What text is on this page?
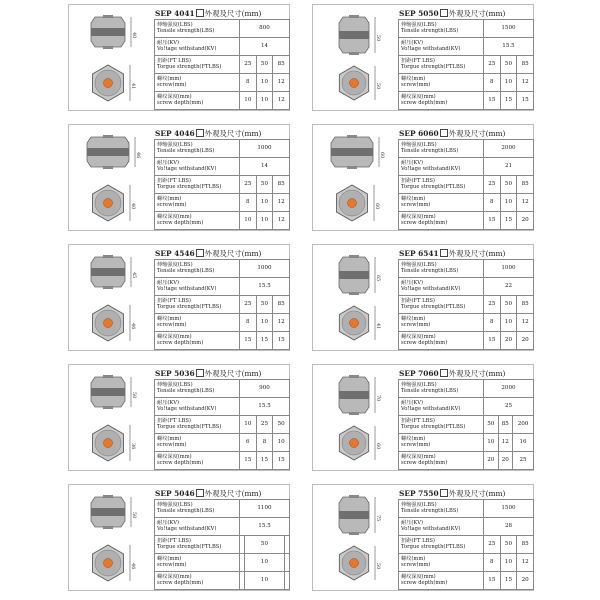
40
41
SEP 4041 外观及尺寸(mm)
伸缩强度(LBS)
Tensile strength(LBS)	800		
耐压(KV)
Vo!tage withstand(KV)	14		
扭距(FT LBS)
Torgue strength(FTLBS)	25	50	85
螺纹(mm)
screw(mm)	8	10	12
螺纹深度(mm)
screw depth(mm)	10	10	12
50
50
SEP 5050 外观及尺寸(mm)
伸缩强度(LBS)
Tensile strength(LBS)	1500		
耐压(KV)
Vo!tage withstand(KV)	15.5		
扭距(FT LBS)
Torgue strength(FTLBS)	25	50	85
螺纹(mm)
screw(mm)	8	10	12
螺纹深度(mm)
screw depth(mm)	15	15	15
46
40
SEP 4046 外观及尺寸(mm)
伸缩强度(LBS)
Tensile strength(LBS)	1000		
耐压(KV)
Vo!tage withstand(KV)	14		
扭距(FT LBS)
Torgue strength(FTLBS)	25	50	85
螺纹(mm)
screw(mm)	8	10	12
螺纹深度(mm)
screw depth(mm)	10	10	12
60
60
SEP 6060 外观及尺寸(mm)
伸缩强度(LBS)
Tensile strength(LBS)	2000		
耐压(KV)
Vo!tage withstand(KV)	21		
扭距(FT LBS)
Torgue strength(FTLBS)	25	50	85
螺纹(mm)
screw(mm)	8	10	12
螺纹深度(mm)
screw depth(mm)	15	15	20
45
46
SEP 4546 外观及尺寸(mm)
伸缩强度(LBS)
Tensile strength(LBS)	1000		
耐压(KV)
Vo!tage withstand(KV)	15.5		
扭距(FT LBS)
Torgue strength(FTLBS)	25	50	85
螺纹(mm)
screw(mm)	8	10	12
螺纹深度(mm)
screw depth(mm)	15	15	15
65
41
SEP 6541 外观及尺寸(mm)
伸缩强度(LBS)
Tensile strength(LBS)	1000		
耐压(KV)
Vo!tage withstand(KV)	22		
扭距(FT LBS)
Torgue strength(FTLBS)	25	50	85
螺纹(mm)
screw(mm)	8	10	12
螺纹深度(mm)
screw depth(mm)	15	20	20
50
36
SEP 5036 外观及尺寸(mm)
伸缩强度(LBS)
Tensile strength(LBS)	900		
耐压(KV)
Vo!tage withstand(KV)	15.5		
扭距(FT LBS)
Torgue strength(FTLBS)	10	25	50
螺纹(mm)
screw(mm)	6	8	10
螺纹深度(mm)
screw depth(mm)	15	15	15
70
60
SEP 7060 外观及尺寸(mm)
伸缩强度(LBS)
Tensile strength(LBS)	2000		
耐压(KV)
Vo!tage withstand(KV)	25		
扭距(FT LBS)
Torgue strength(FTLBS)	50	85	200
螺纹(mm)
screw(mm)	10	12	16
螺纹深度(mm)
screw depth(mm)	20	20	25
50
46
SEP 5046 外观及尺寸(mm)
伸缩强度(LBS)
Tensile strength(LBS)	1100		
耐压(KV)
Vo!tage withstand(KV)	15.5		
扭距(FT LBS)
Torgue strength(FTLBS)		50	
螺纹(mm)
screw(mm)		10	
螺纹深度(mm)
screw depth(mm)		10	
75
50
SEP 7550 外观及尺寸(mm)
伸缩强度(LBS)
Tensile strength(LBS)	1500		
耐压(KV)
Vo!tage withstand(KV)	28		
扭距(FT LBS)
Torgue strength(FTLBS)	25	50	85
螺纹(mm)
screw(mm)	8	10	12
螺纹深度(mm)
screw depth(mm)	15	15	20
